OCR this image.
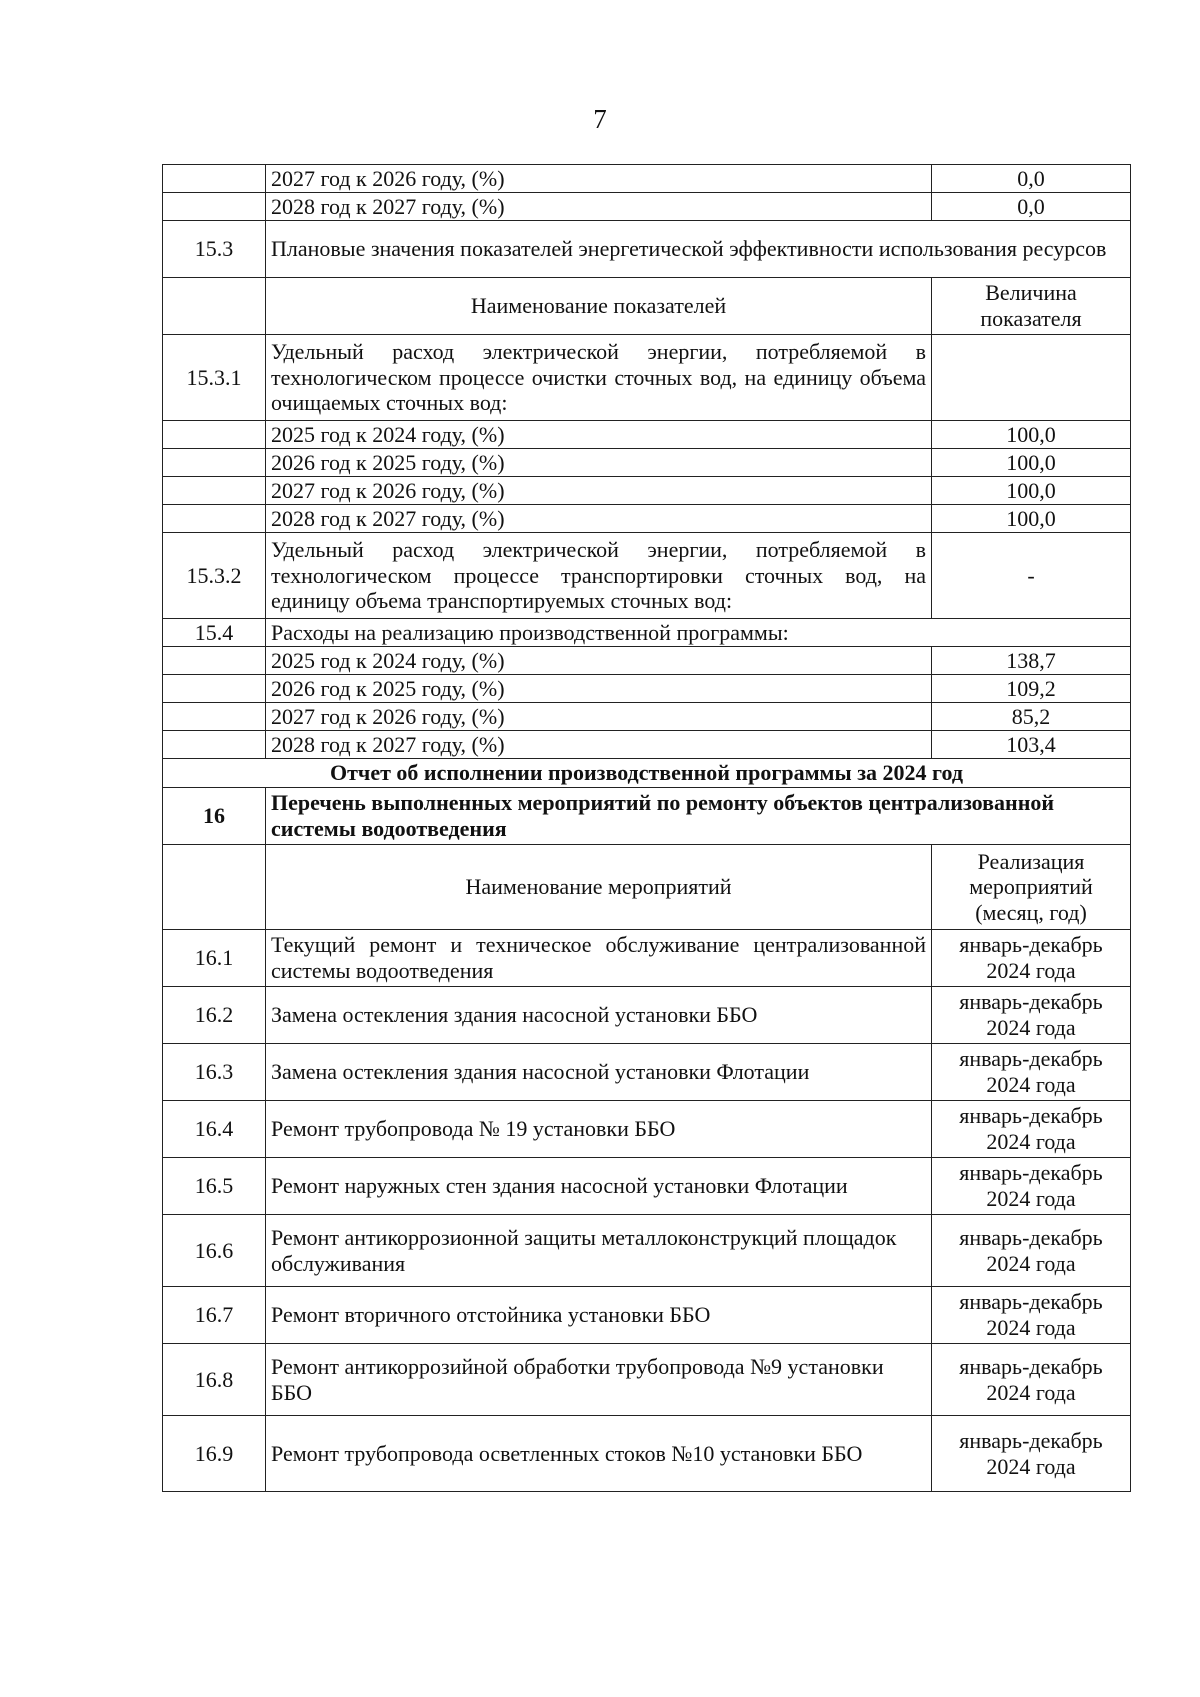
7
	2027 год к 2026 году, (%)	0,0
	2028 год к 2027 году, (%)	0,0
15.3	Плановые значения показателей энергетической эффективности использования ресурсов	
	Наименование показателей	Величина показателя
15.3.1	Удельный расход электрической энергии, потребляемой в технологическом процессе очистки сточных вод, на единицу объема очищаемых сточных вод:	
	2025 год к 2024 году, (%)	100,0
	2026 год к 2025 году, (%)	100,0
	2027 год к 2026 году, (%)	100,0
	2028 год к 2027 году, (%)	100,0
15.3.2	Удельный расход электрической энергии, потребляемой в технологическом процессе транспортировки сточных вод, на единицу объема транспортируемых сточных вод:	-
15.4	Расходы на реализацию производственной программы:	
	2025 год к 2024 году, (%)	138,7
	2026 год к 2025 году, (%)	109,2
	2027 год к 2026 году, (%)	85,2
	2028 год к 2027 году, (%)	103,4
Отчет об исполнении производственной программы за 2024 год		
16	Перечень выполненных мероприятий по ремонту объектов централизованной системы водоотведения	
	Наименование мероприятий	Реализация мероприятий (месяц, год)
16.1	Текущий ремонт и техническое обслуживание централизованной системы водоотведения	январь-декабрь 2024 года
16.2	Замена остекления здания насосной установки ББО	январь-декабрь 2024 года
16.3	Замена остекления здания насосной установки Флотации	январь-декабрь 2024 года
16.4	Ремонт трубопровода № 19 установки ББО	январь-декабрь 2024 года
16.5	Ремонт наружных стен здания насосной установки Флотации	январь-декабрь 2024 года
16.6	Ремонт антикоррозионной защиты металлоконструкций площадок обслуживания	январь-декабрь 2024 года
16.7	Ремонт вторичного отстойника установки ББО	январь-декабрь 2024 года
16.8	Ремонт антикоррозийной обработки трубопровода №9 установки ББО	январь-декабрь 2024 года
16.9	Ремонт трубопровода осветленных стоков №10 установки ББО	январь-декабрь 2024 года
